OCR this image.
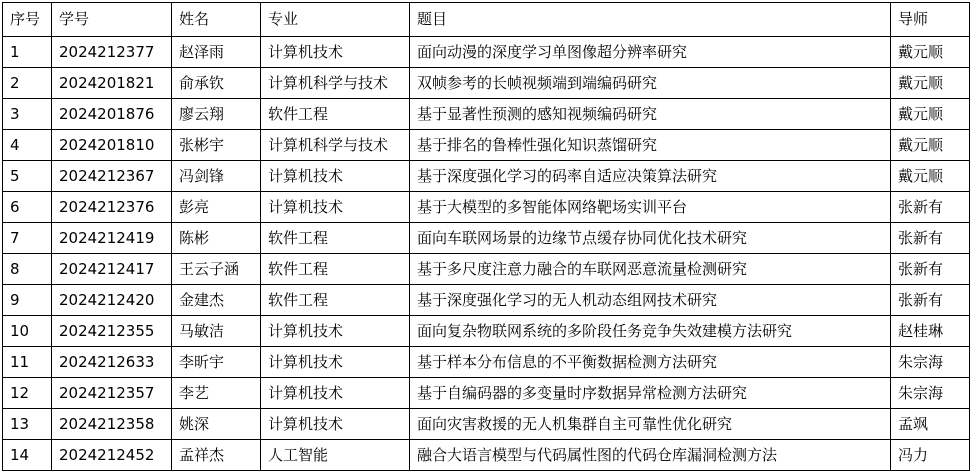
序号	学号	姓名	专业	题目	导师
1	2024212377	赵泽雨	计算机技术	面向动漫的深度学习单图像超分辨率研究	戴元顺
2	2024201821	俞承钦	计算机科学与技术	双帧参考的长帧视频端到端编码研究	戴元顺
3	2024201876	廖云翔	软件工程	基于显著性预测的感知视频编码研究	戴元顺
4	2024201810	张彬宇	计算机科学与技术	基于排名的鲁棒性强化知识蒸馏研究	戴元顺
5	2024212367	冯剑锋	计算机技术	基于深度强化学习的码率自适应决策算法研究	戴元顺
6	2024212376	彭亮	计算机技术	基于大模型的多智能体网络靶场实训平台	张新有
7	2024212419	陈彬	软件工程	面向车联网场景的边缘节点缓存协同优化技术研究	张新有
8	2024212417	王云子涵	软件工程	基于多尺度注意力融合的车联网恶意流量检测研究	张新有
9	2024212420	金建杰	软件工程	基于深度强化学习的无人机动态组网技术研究	张新有
10	2024212355	马敏洁	计算机技术	面向复杂物联网系统的多阶段任务竞争失效建模方法研究	赵桂琳
11	2024212633	李昕宇	计算机技术	基于样本分布信息的不平衡数据检测方法研究	朱宗海
12	2024212357	李艺	计算机技术	基于自编码器的多变量时序数据异常检测方法研究	朱宗海
13	2024212358	姚深	计算机技术	面向灾害救援的无人机集群自主可靠性优化研究	孟飒
14	2024212452	孟祥杰	人工智能	融合大语言模型与代码属性图的代码仓库漏洞检测方法	冯力
